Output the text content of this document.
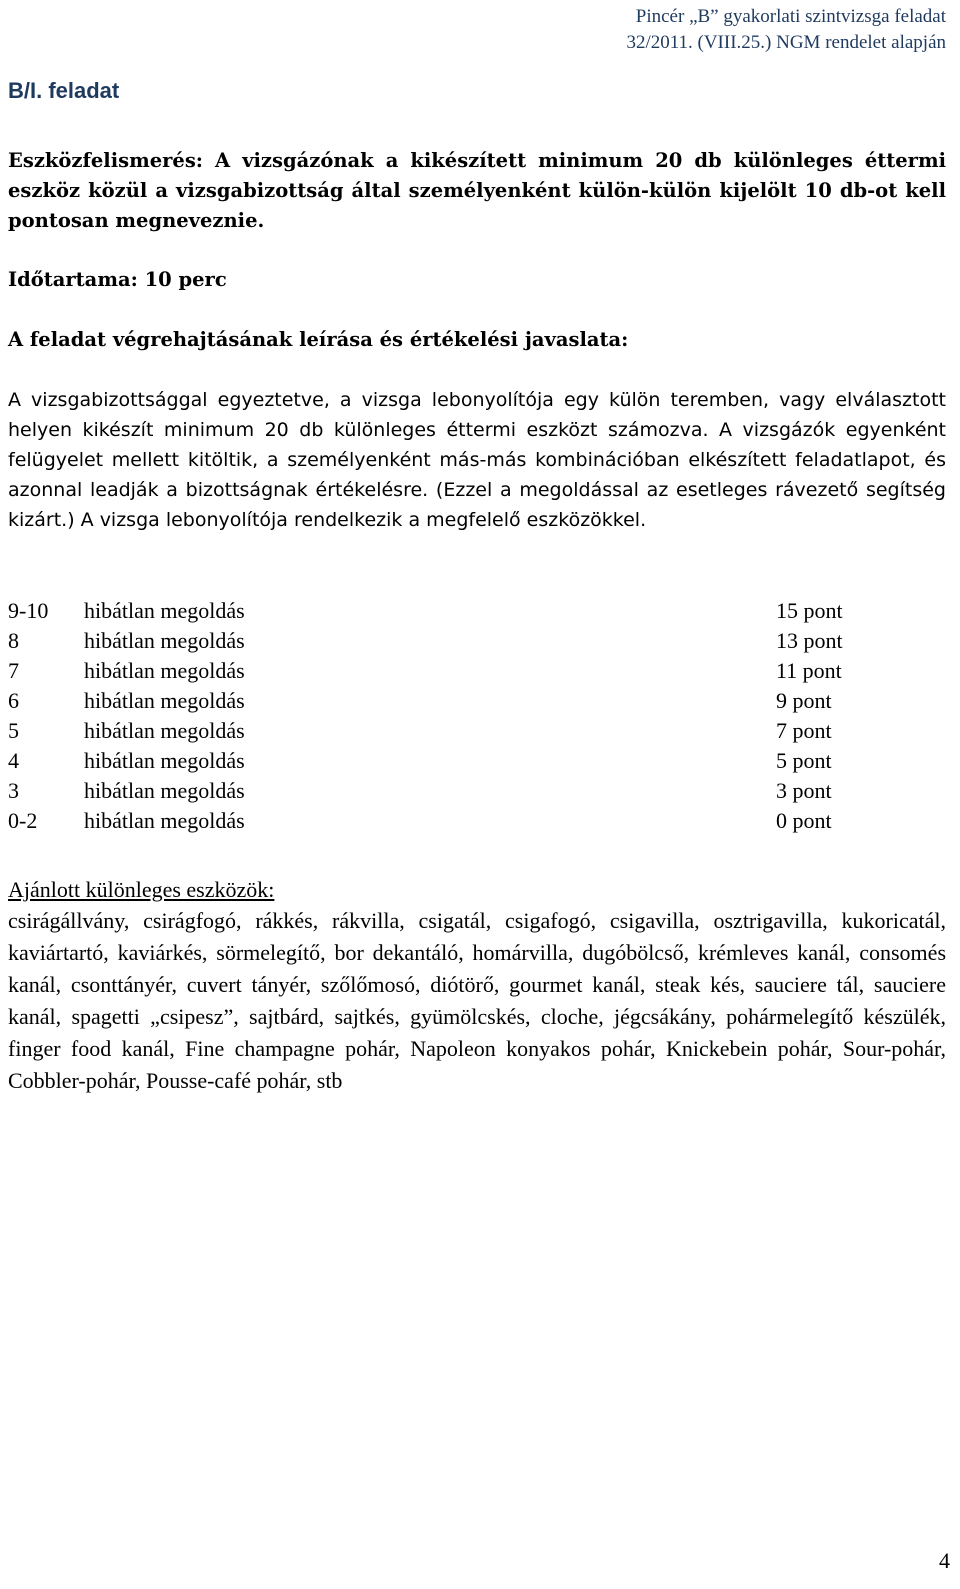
Pincér „B” gyakorlati szintvizsga feladat
32/2011. (VIII.25.) NGM rendelet alapján
B/I. feladat
Eszközfelismerés: A vizsgázónak a kikészített minimum 20 db különleges éttermi eszköz közül a vizsgabizottság által személyenként külön-külön kijelölt 10 db-ot kell pontosan megneveznie.
Időtartama: 10 perc
A feladat végrehajtásának leírása és értékelési javaslata:
A vizsgabizottsággal egyeztetve, a vizsga lebonyolítója egy külön teremben, vagy elválasztott helyen kikészít minimum 20 db különleges éttermi eszközt számozva. A vizsgázók egyenként felügyelet mellett kitöltik, a személyenként más-más kombinációban elkészített feladatlapot, és azonnal leadják a bizottságnak értékelésre. (Ezzel a megoldással az esetleges rávezető segítség kizárt.) A vizsga lebonyolítója rendelkezik a megfelelő eszközökkel.
9-10	hibátlan megoldás	15 pont
8	hibátlan megoldás	13 pont
7	hibátlan megoldás	11 pont
6	hibátlan megoldás	9 pont
5	hibátlan megoldás	7 pont
4	hibátlan megoldás	5 pont
3	hibátlan megoldás	3 pont
0-2	hibátlan megoldás	0 pont
Ajánlott különleges eszközök:
csirágállvány, csirágfogó, rákkés, rákvilla, csigatál, csigafogó, csigavilla, osztrigavilla, kukoricatál, kaviártartó, kaviárkés, sörmelegítő, bor dekantáló, homárvilla, dugóbölcső, krémleves kanál, consomés kanál, csonttányér, cuvert tányér, szőlőmosó, diótörő, gourmet kanál, steak kés, sauciere tál, sauciere kanál, spagetti „csipesz”, sajtbárd, sajtkés, gyümölcskés, cloche, jégcsákány, pohármelegítő készülék, finger food kanál, Fine champagne pohár, Napoleon konyakos pohár, Knickebein pohár, Sour-pohár, Cobbler-pohár, Pousse-café pohár, stb
4
